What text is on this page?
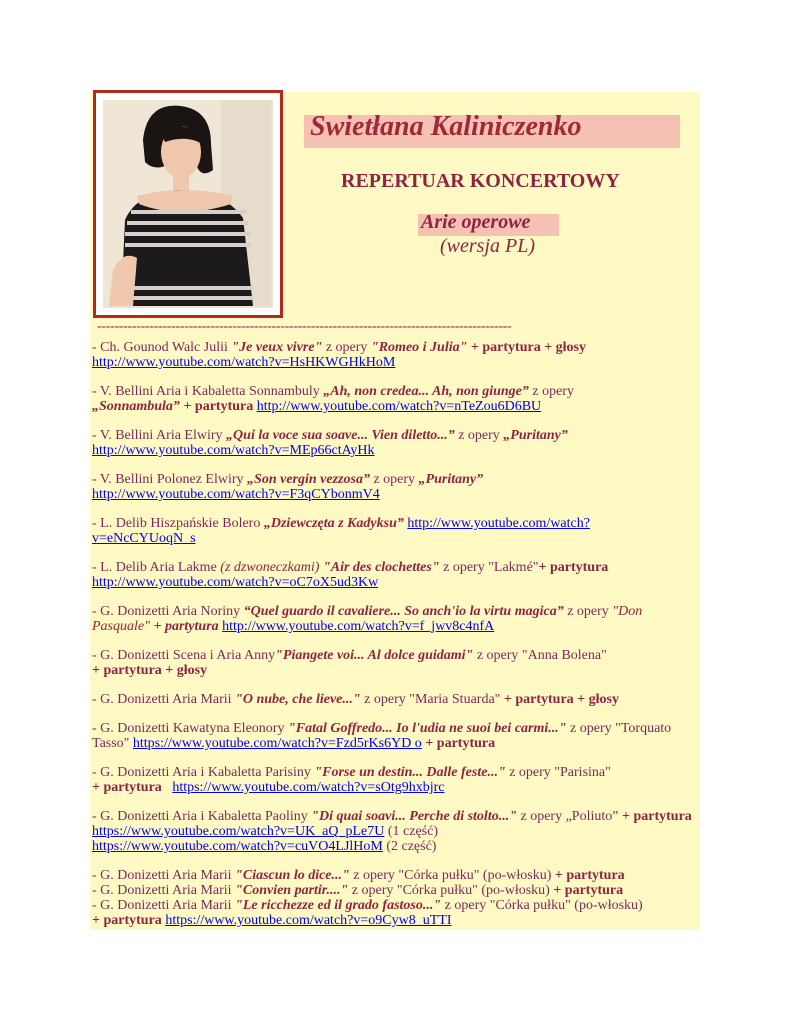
Swietłana Kaliniczenko
REPERTUAR KONCERTOWY
Arie operowe
(wersja PL)
-----------------------------------------------------------------------------------------------
- Ch. Gounod Walc Julii "Je veux vivre" z opery "Romeo i Julia" + partytura + głosy
http://www.youtube.com/watch?v=HsHKWGHkHoM
- V. Bellini Aria i Kabaletta Sonnambuly „Ah, non credea... Ah, non giunge” z opery
„Sonnambula” + partytura http://www.youtube.com/watch?v=nTeZou6D6BU
- V. Bellini Aria Elwiry „Qui la voce sua soave... Vien diletto...” z opery „Puritany”
http://www.youtube.com/watch?v=MEp66ctAyHk
- V. Bellini Polonez Elwiry „Son vergin vezzosa” z opery „Puritany”
http://www.youtube.com/watch?v=F3qCYbonmV4
- L. Delib Hiszpańskie Bolero „Dziewczęta z Kadyksu” http://www.youtube.com/watch?
v=eNcCYUoqN_s
- L. Delib Aria Lakme (z dzwoneczkami) "Air des clochettes" z opery "Lakmé"+ partytura
http://www.youtube.com/watch?v=oC7oX5ud3Kw
- G. Donizetti Aria Noriny “Quel guardo il cavaliere... So anch'io la virtu magica” z opery "Don Pasquale" + partytura http://www.youtube.com/watch?v=f_jwv8c4nfA
- G. Donizetti Scena i Aria Anny"Piangete voi... Al dolce guidami" z opery "Anna Bolena"
+ partytura + głosy
- G. Donizetti Aria Marii "O nube, che lieve..." z opery "Maria Stuarda" + partytura + głosy
- G. Donizetti Kawatyna Eleonory "Fatal Goffredo... Io l'udia ne suoi bei carmi..." z opery "Torquato Tasso" https://www.youtube.com/watch?v=Fzd5rKs6YD o + partytura
- G. Donizetti Aria i Kabaletta Parisiny "Forse un destin... Dalle feste..." z opery "Parisina"
+ partytura https://www.youtube.com/watch?v=sOtg9hxbjrc
- G. Donizetti Aria i Kabaletta Paoliny "Di quai soavi... Perche di stolto..." z opery „Poliuto” + partytura https://www.youtube.com/watch?v=UK_aQ_pLe7U (1 część)
https://www.youtube.com/watch?v=cuVO4LJlHoM (2 część)
- G. Donizetti Aria Marii "Ciascun lo dice..." z opery "Córka pułku" (po-włosku) + partytura
- G. Donizetti Aria Marii "Convien partir...." z opery "Córka pułku" (po-włosku) + partytura
- G. Donizetti Aria Marii "Le ricchezze ed il grado fastoso..." z opery "Córka pułku" (po-włosku)
+ partytura https://www.youtube.com/watch?v=o9Cyw8_uTTI
